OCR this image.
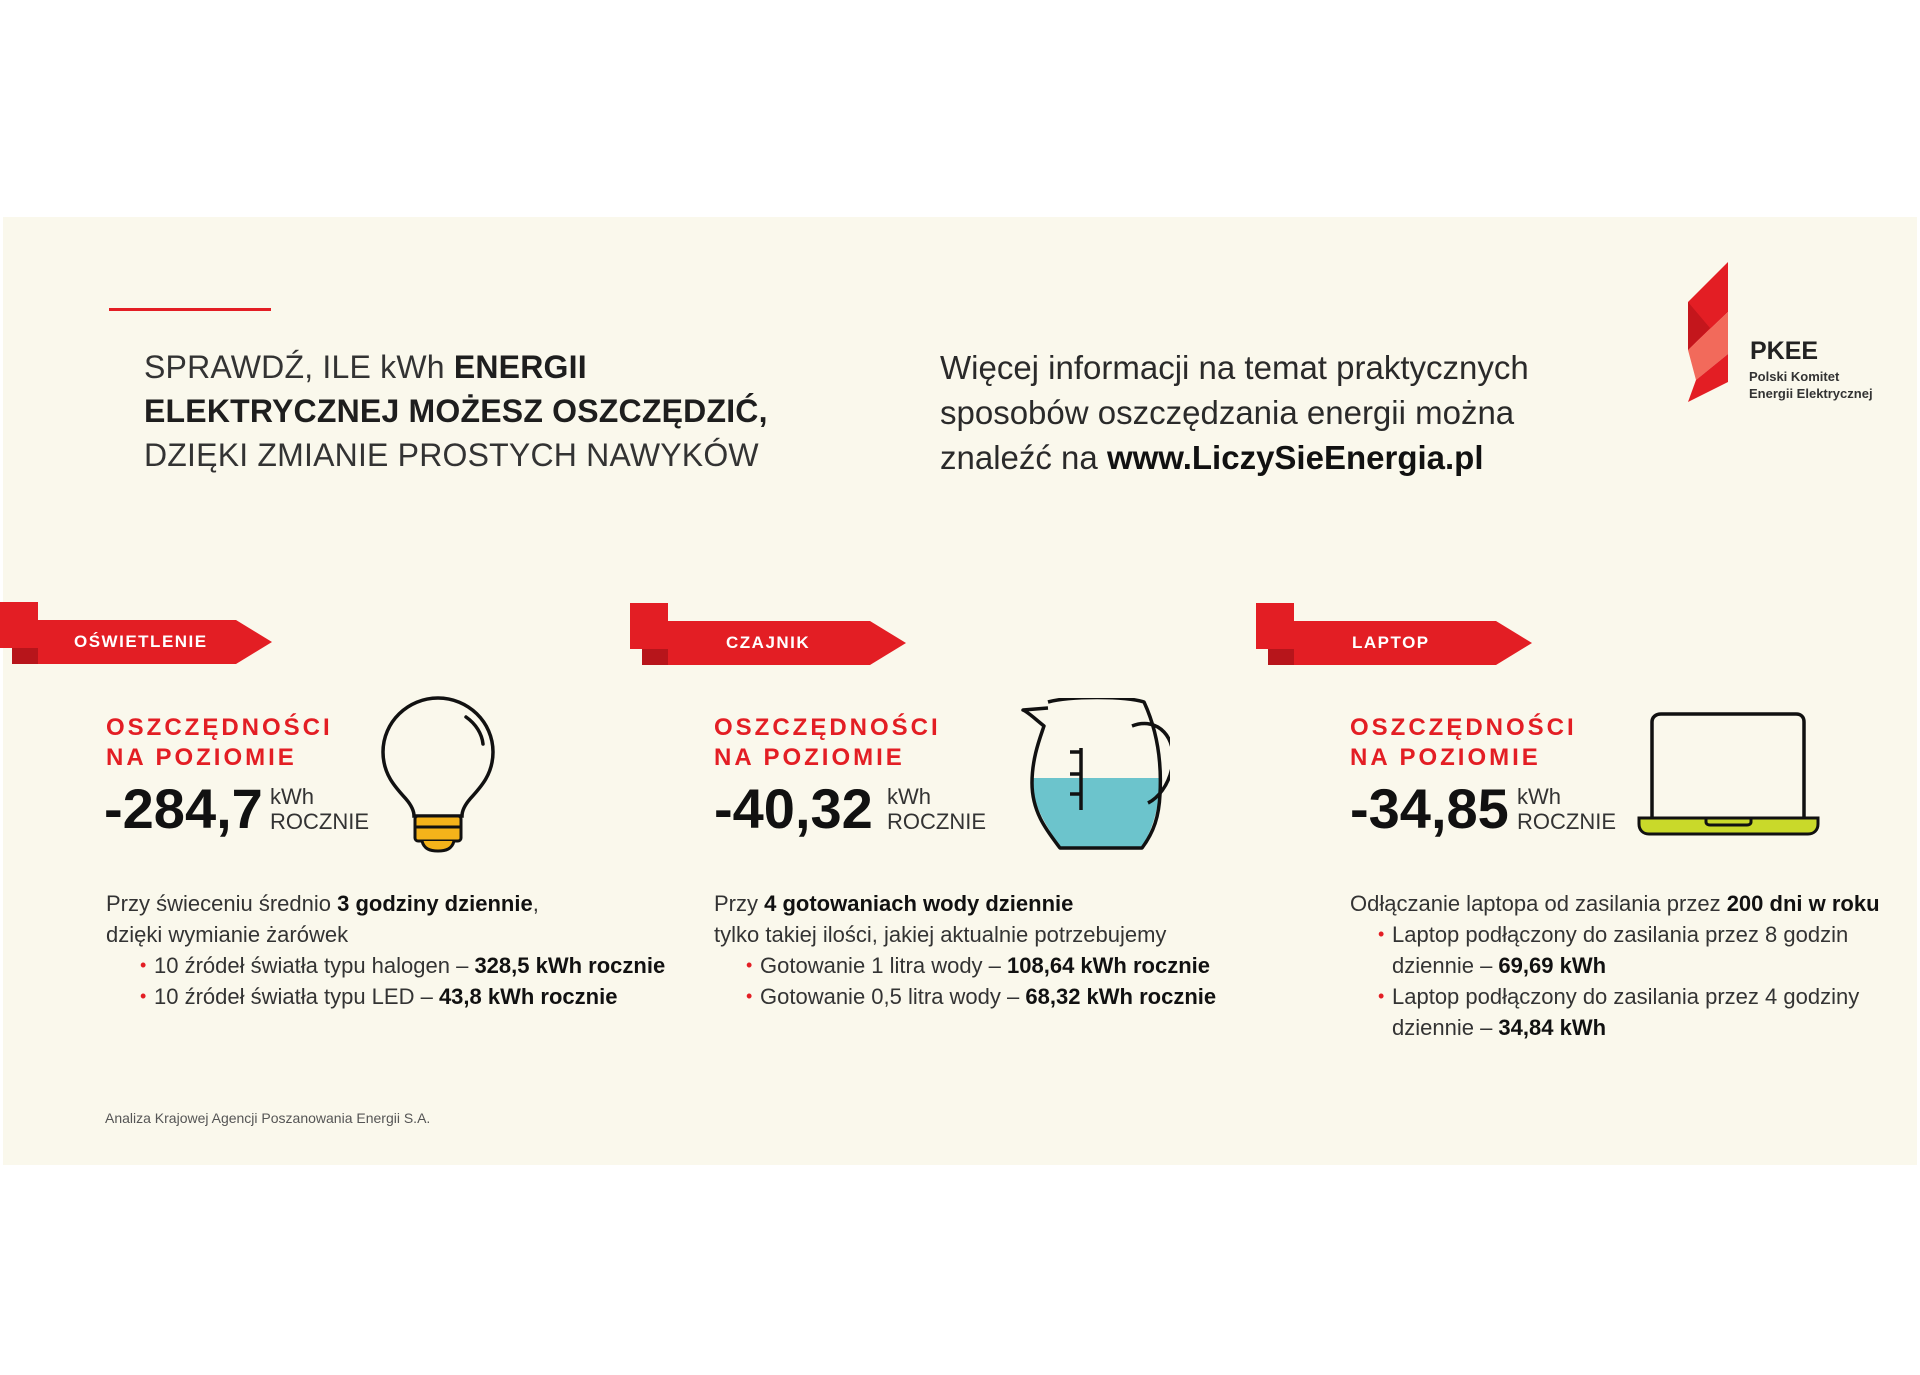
SPRAWDŹ, ILE kWh ENERGII ELEKTRYCZNEJ MOŻESZ OSZCZĘDZIĆ,
DZIĘKI ZMIANIE PROSTYCH NAWYKÓW
Więcej informacji na temat praktycznych sposobów oszczędzania energii można znaleźć na www.LiczySieEnergia.pl
PKEE
Polski Komitet
Energii Elektrycznej
OŚWIETLENIE	CZAJNIK	LAPTOP
OSZCZĘDNOŚCI NA POZIOMIE
-284,7 kWh
ROCZNIE
Przy świeceniu średnio 3 godziny dziennie,
dzięki wymianie żarówek
• 10 źródeł światła typu halogen – 328,5 kWh rocznie
• 10 źródeł światła typu LED – 43,8 kWh rocznie
OSZCZĘDNOŚCI NA POZIOMIE
-40,32 kWh
ROCZNIE
Przy 4 gotowaniach wody dziennie
tylko takiej ilości, jakiej aktualnie potrzebujemy
• Gotowanie 1 litra wody – 108,64 kWh rocznie
• Gotowanie 0,5 litra wody – 68,32 kWh rocznie
OSZCZĘDNOŚCI NA POZIOMIE
-34,85 kWh
ROCZNIE
Odłączanie laptopa od zasilania przez 200 dni w roku
• Laptop podłączony do zasilania przez 8 godzin dziennie – 69,69 kWh
• Laptop podłączony do zasilania przez 4 godziny dziennie – 34,84 kWh
Analiza Krajowej Agencji Poszanowania Energii S.A.
